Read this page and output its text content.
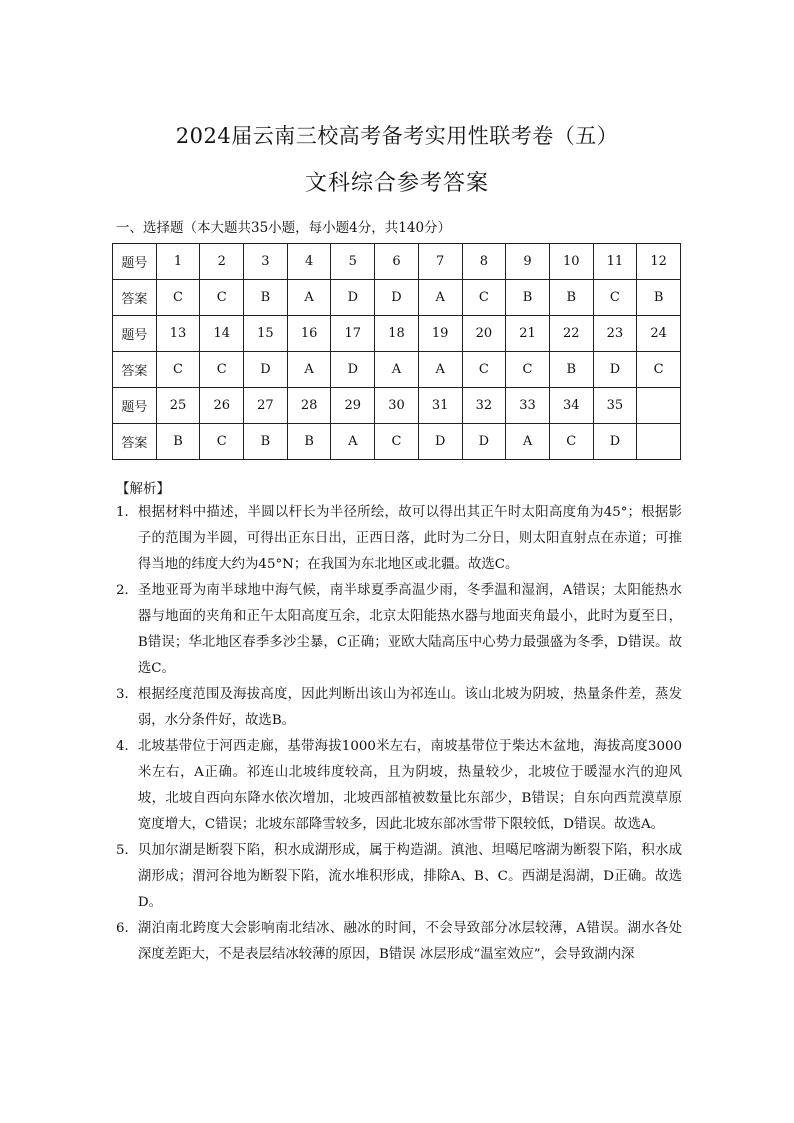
2024届云南三校高考备考实用性联考卷（五）
文科综合参考答案
一、选择题（本大题共35小题，每小题4分，共140分）
题号	1	2	3	4	5	6	7	8	9	10	11	12
答案	C	C	B	A	D	D	A	C	B	B	C	B
题号	13	14	15	16	17	18	19	20	21	22	23	24
答案	C	C	D	A	D	A	A	C	C	B	D	C
题号	25	26	27	28	29	30	31	32	33	34	35	
答案	B	C	B	B	A	C	D	D	A	C	D	
【解析】
1． 根据材料中描述，半圆以杆长为半径所绘，故可以得出其正午时太阳高度角为45°；根据影子的范围为半圆，可得出正东日出，正西日落，此时为二分日，则太阳直射点在赤道；可推得当地的纬度大约为45°N；在我国为东北地区或北疆。故选C。
2． 圣地亚哥为南半球地中海气候，南半球夏季高温少雨，冬季温和湿润，A错误；太阳能热水器与地面的夹角和正午太阳高度互余，北京太阳能热水器与地面夹角最小，此时为夏至日，B错误；华北地区春季多沙尘暴，C正确；亚欧大陆高压中心势力最强盛为冬季，D错误。故选C。
3． 根据经度范围及海拔高度，因此判断出该山为祁连山。该山北坡为阴坡，热量条件差，蒸发弱，水分条件好，故选B。
4． 北坡基带位于河西走廊，基带海拔1000米左右，南坡基带位于柴达木盆地，海拔高度3000米左右，A正确。祁连山北坡纬度较高，且为阴坡，热量较少，北坡位于暖湿水汽的迎风坡，北坡自西向东降水依次增加，北坡西部植被数量比东部少，B错误；自东向西荒漠草原宽度增大，C错误；北坡东部降雪较多，因此北坡东部冰雪带下限较低，D错误。故选A。
5． 贝加尔湖是断裂下陷，积水成湖形成，属于构造湖。滇池、坦噶尼喀湖为断裂下陷，积水成湖形成；渭河谷地为断裂下陷，流水堆积形成，排除A、B、C。西湖是潟湖，D正确。故选D。
6． 湖泊南北跨度大会影响南北结冰、融冰的时间，不会导致部分冰层较薄，A错误。湖水各处深度差距大，不是表层结冰较薄的原因，B错误 冰层形成“温室效应”，会导致湖内深
